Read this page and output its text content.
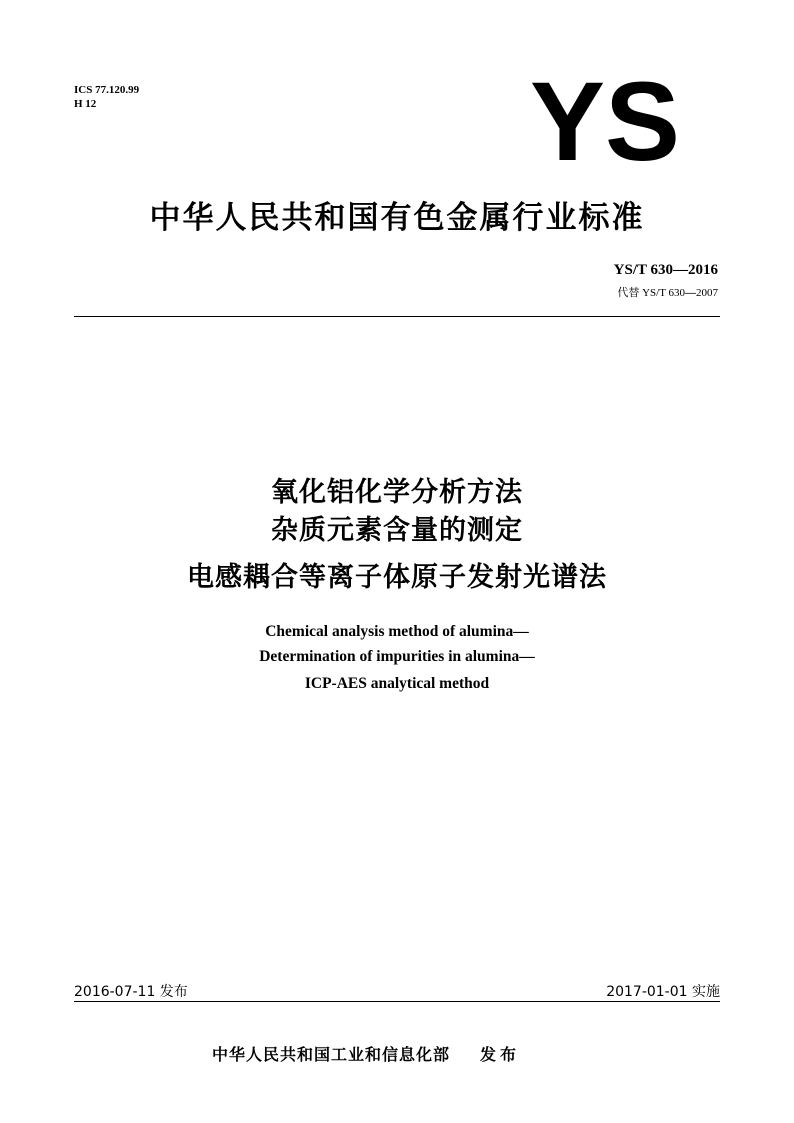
ICS 77.120.99
H 12	YS
中华人民共和国有色金属行业标准
YS/T 630—2016
代替 YS/T 630—2007
氧化铝化学分析方法
杂质元素含量的测定
电感耦合等离子体原子发射光谱法
Chemical analysis method of alumina—
Determination of impurities in alumina—
ICP-AES analytical method
2016-07-11 发布	2017-01-01 实施
中华人民共和国工业和信息化部 发布
